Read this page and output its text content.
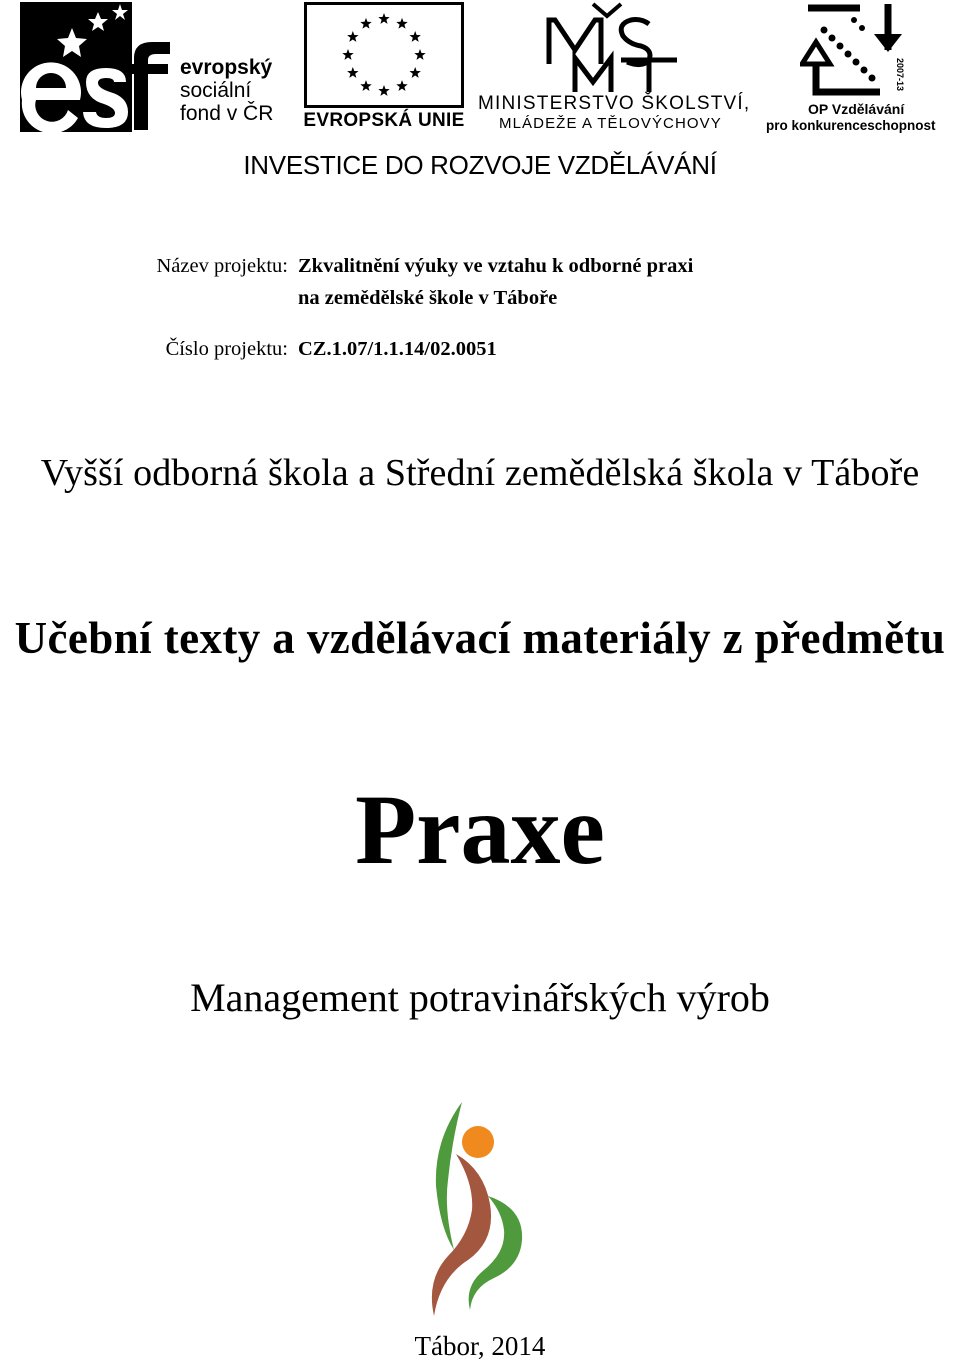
evropský
sociální
fond v ČR EVROPSKÁ UNIE
MINISTERSTVO ŠKOLSTVÍ,
MLÁDEŽE A TĚLOVÝCHOVY
2007-13
OP Vzdělávání
pro konkurenceschopnost
INVESTICE DO ROZVOJE VZDĚLÁVÁNÍ
Název projektu: Zkvalitnění výuky ve vztahu k odborné praxi
na zemědělské škole v Táboře
Číslo projektu: CZ.1.07/1.1.14/02.0051
Vyšší odborná škola a Střední zemědělská škola v Táboře
Učební texty a vzdělávací materiály z předmětu
Praxe
Management potravinářských výrob
Tábor, 2014
